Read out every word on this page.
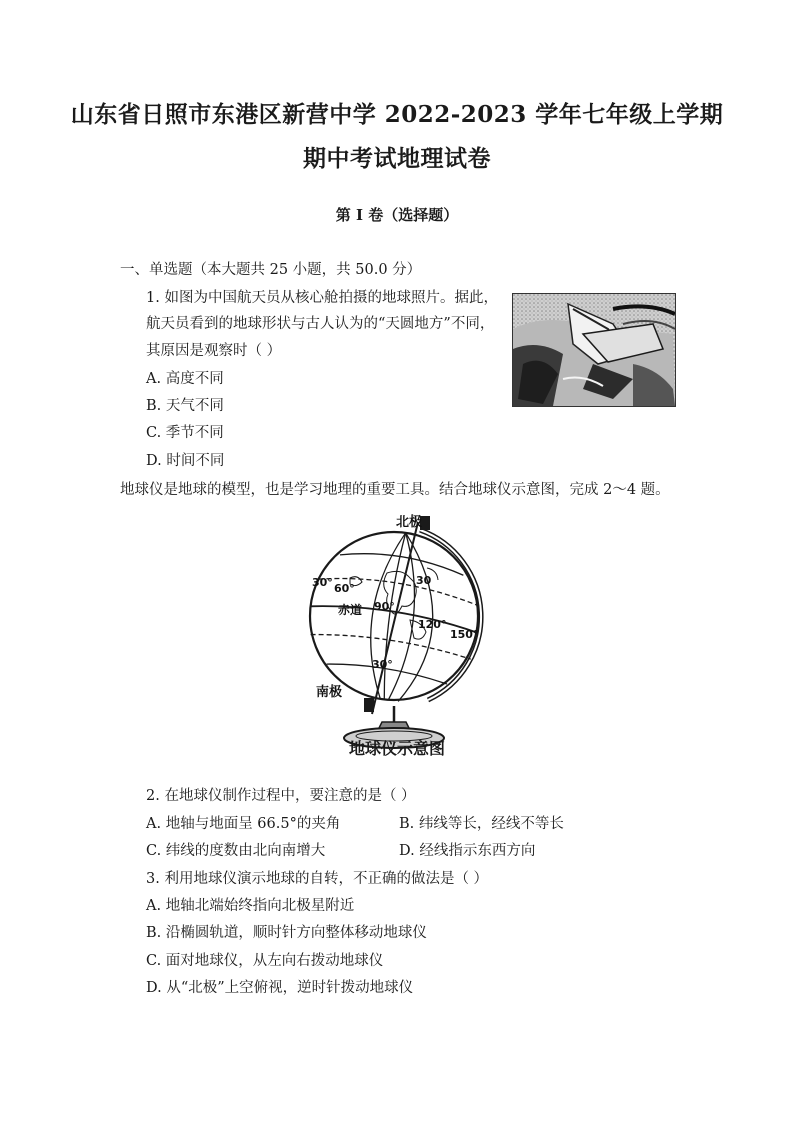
山东省日照市东港区新营中学 2022-2023 学年七年级上学期
期中考试地理试卷
第 I 卷（选择题）
一、单选题（本大题共 25 小题，共 50.0 分）
1. 如图为中国航天员从核心舱拍摄的地球照片。据此，
航天员看到的地球形状与古人认为的“天圆地方”不同，
其原因是观察时（ ）
A. 高度不同
B. 天气不同
C. 季节不同
D. 时间不同
地球仪是地球的模型，也是学习地理的重要工具。结合地球仪示意图，完成 2～4 题。
北极
南极
赤道
30° 60°
90°
30
120°
150°
30°
地球仪示意图
2. 在地球仪制作过程中，要注意的是（ ）
A. 地轴与地面呈 66.5°的夹角	B. 纬线等长，经线不等长
C. 纬线的度数由北向南增大	D. 经线指示东西方向
3. 利用地球仪演示地球的自转，不正确的做法是（ ）
A. 地轴北端始终指向北极星附近
B. 沿椭圆轨道，顺时针方向整体移动地球仪
C. 面对地球仪，从左向右拨动地球仪
D. 从“北极”上空俯视，逆时针拨动地球仪
